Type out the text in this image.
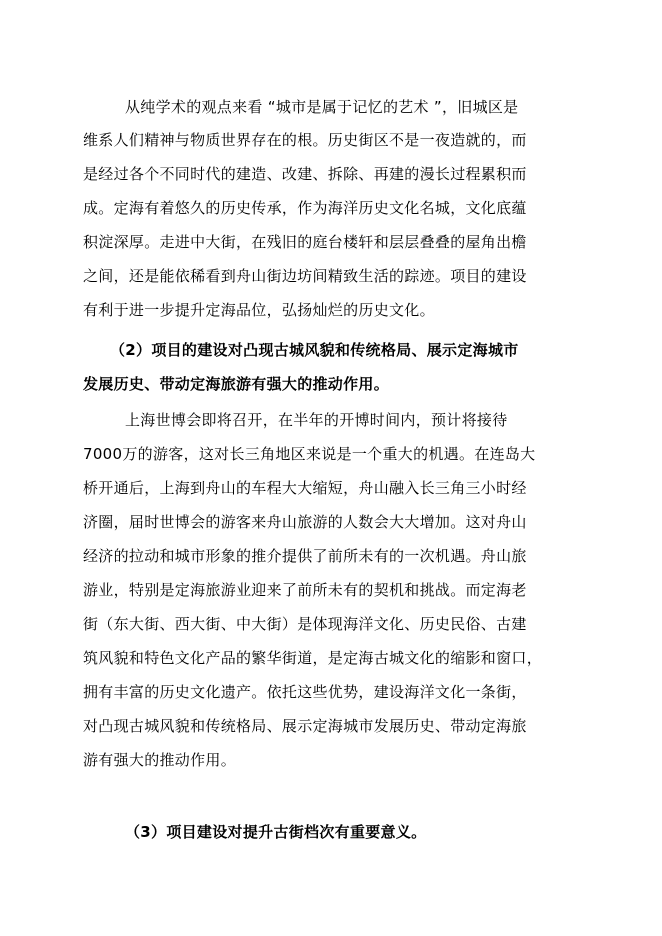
从纯学术的观点来看 “城市是属于记忆的艺术 ”，旧城区是
维系人们精神与物质世界存在的根。历史街区不是一夜造就的，而
是经过各个不同时代的建造、改建、拆除、再建的漫长过程累积而
成。定海有着悠久的历史传承，作为海洋历史文化名城，文化底蕴
积淀深厚。走进中大街，在残旧的庭台楼轩和层层叠叠的屋角出檐
之间，还是能依稀看到舟山街边坊间精致生活的踪迹。项目的建设
有利于进一步提升定海品位，弘扬灿烂的历史文化。
（2）项目的建设对凸现古城风貌和传统格局、展示定海城市
发展历史、带动定海旅游有强大的推动作用。
上海世博会即将召开，在半年的开博时间内，预计将接待
7000万的游客，这对长三角地区来说是一个重大的机遇。在连岛大
桥开通后，上海到舟山的车程大大缩短，舟山融入长三角三小时经
济圈，届时世博会的游客来舟山旅游的人数会大大增加。这对舟山
经济的拉动和城市形象的推介提供了前所未有的一次机遇。舟山旅
游业，特别是定海旅游业迎来了前所未有的契机和挑战。而定海老
街（东大街、西大街、中大街）是体现海洋文化、历史民俗、古建
筑风貌和特色文化产品的繁华街道，是定海古城文化的缩影和窗口，
拥有丰富的历史文化遗产。依托这些优势，建设海洋文化一条街，
对凸现古城风貌和传统格局、展示定海城市发展历史、带动定海旅
游有强大的推动作用。
（3）项目建设对提升古街档次有重要意义。
